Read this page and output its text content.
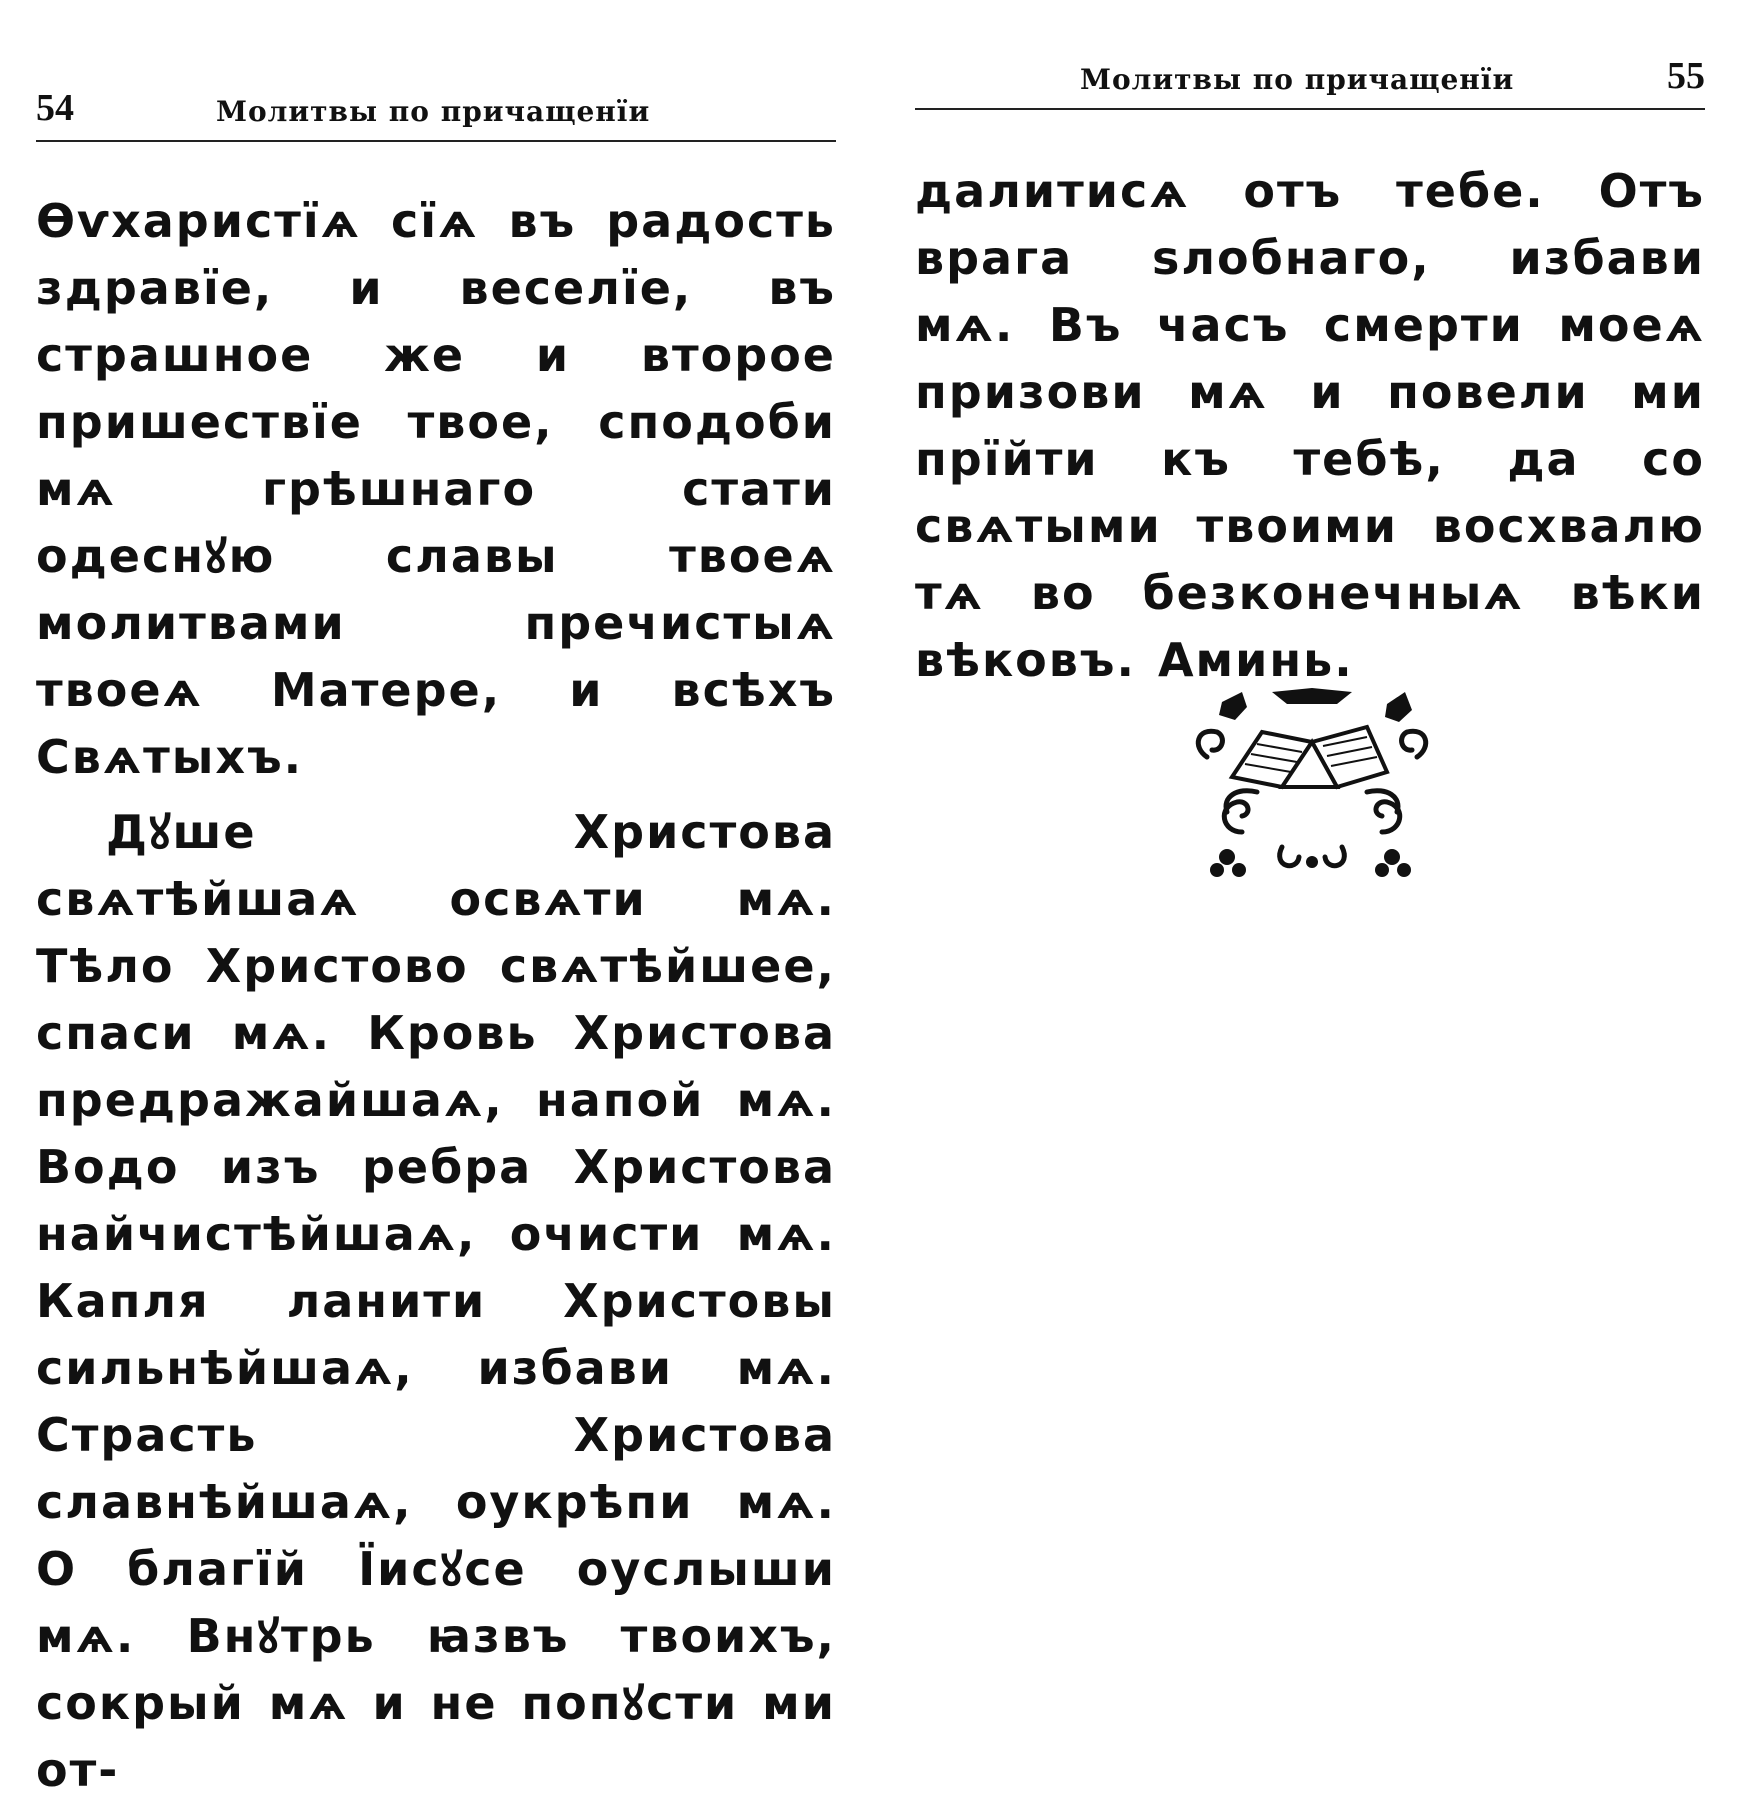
54	Молитвы по причащенїи

Ѳѵхаристїѧ сїѧ въ радость здравїе, и веселїе, въ страшное же и второе пришествїе твое, сподоби мѧ грѣшнаго стати одеснꙋю славы твоеѧ молитвами пречистыѧ твоеѧ Матере, и всѣхъ Свѧтыхъ.

Дꙋше Христова свѧтѣйшаѧ освѧти мѧ. Тѣло Христово свѧтѣйшее, спаси мѧ. Кровь Христова предражайшаѧ, напой мѧ. Водо изъ ребра Христова найчистѣйшаѧ, очисти мѧ. Капля ланити Христовы сильнѣйшаѧ, избави мѧ. Страсть Христова славнѣйшаѧ, оукрѣпи мѧ. О благїй Їисꙋсе оуслыши мѧ. Внꙋтрь ꙗзвъ твоихъ, сокрый мѧ и не попꙋсти ми от-

Молитвы по причащенїи	55

далитисѧ отъ тебе. Отъ врага ѕлобнаго, избави мѧ. Въ часъ смерти моеѧ призови мѧ и повели ми прїйти къ тебѣ, да со свѧтыми твоими восхвалю тѧ во безконечныѧ вѣки вѣковъ. Аминь.
